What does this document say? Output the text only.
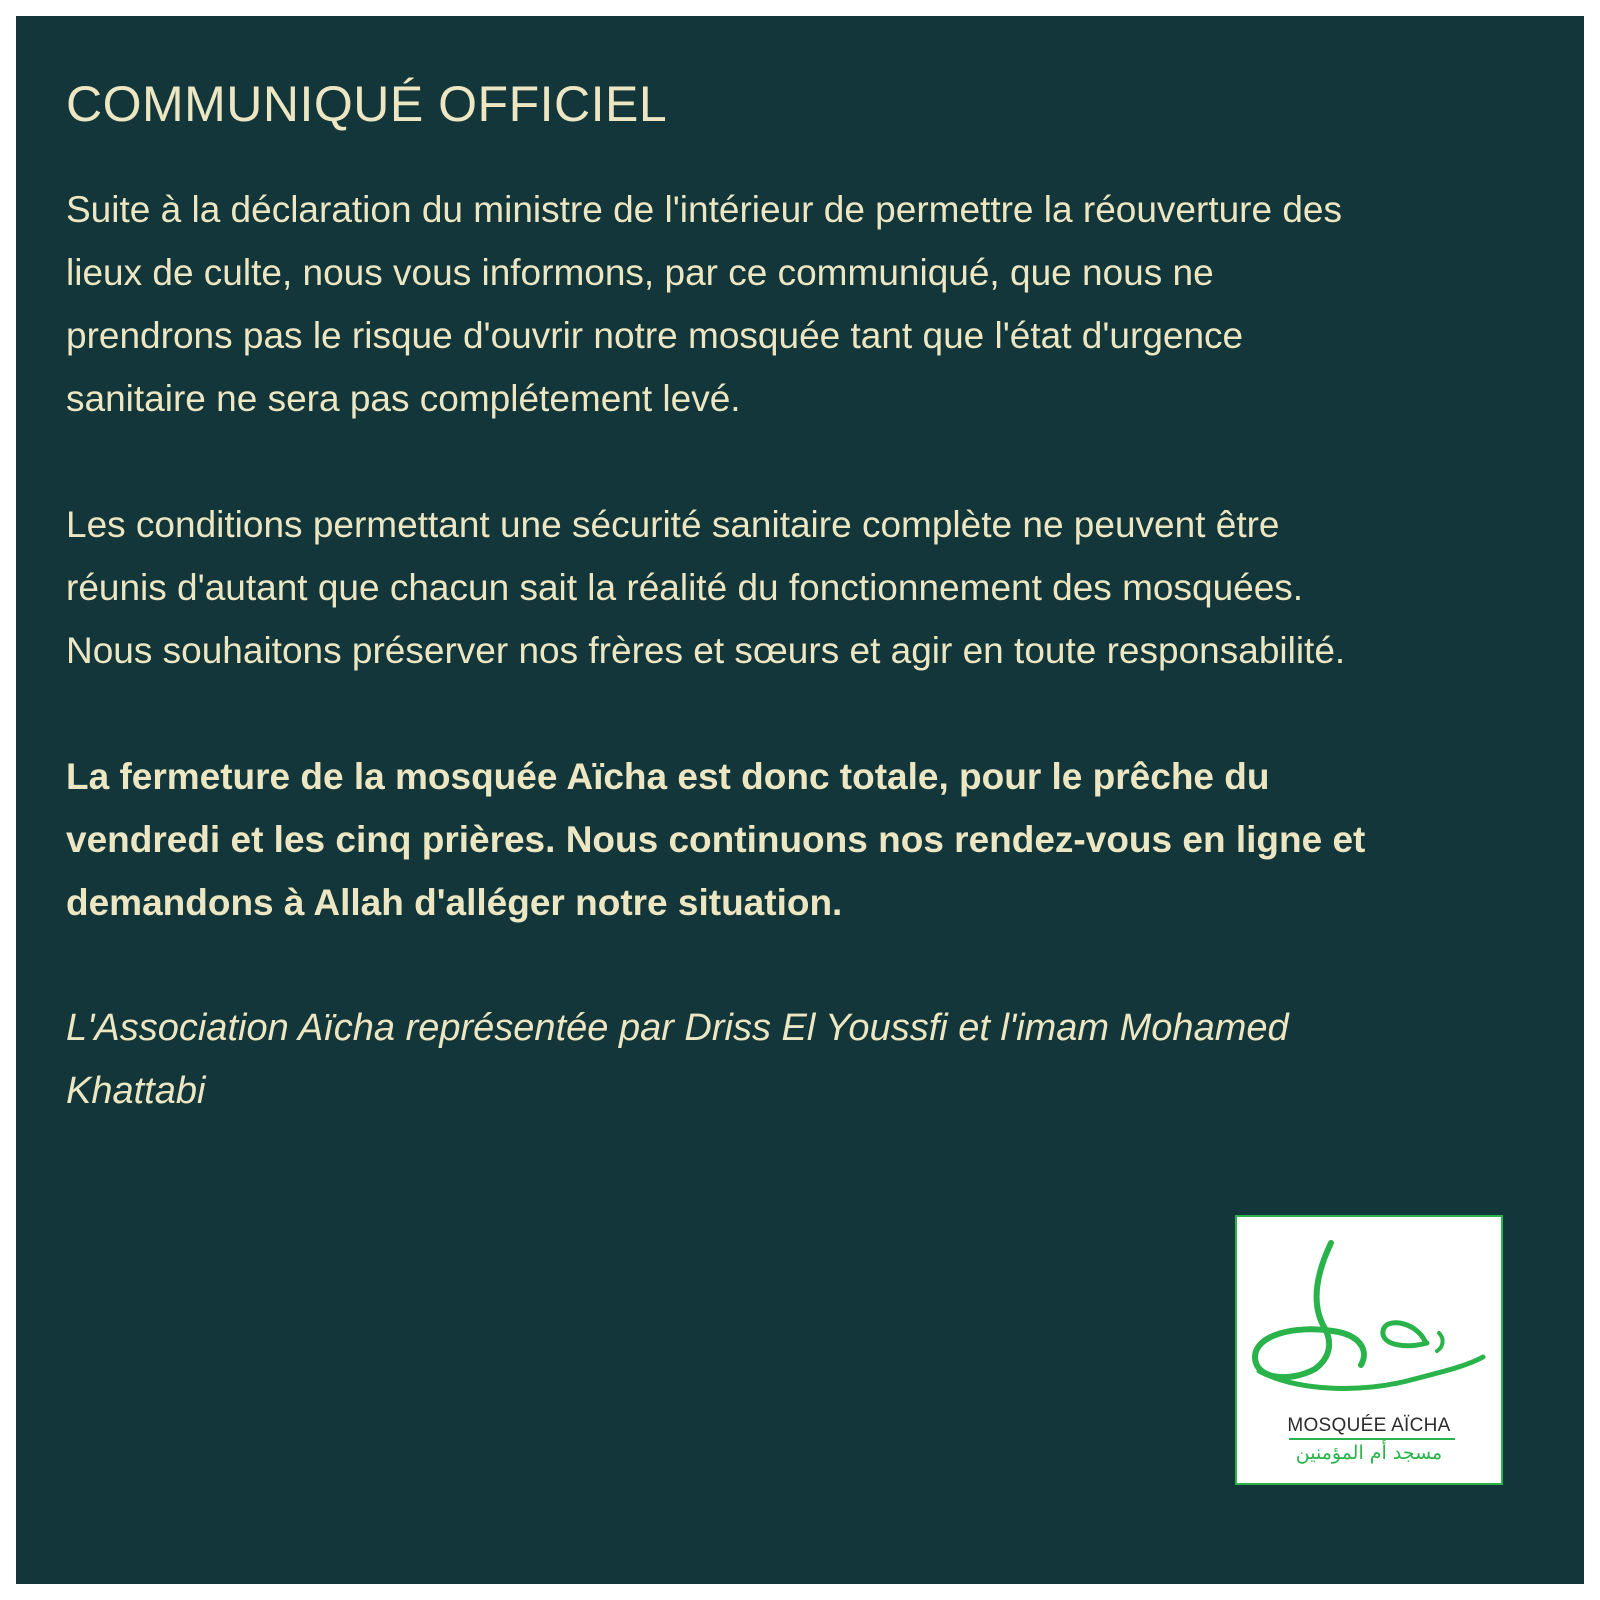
COMMUNIQUÉ OFFICIEL

Suite à la déclaration du ministre de l'intérieur de permettre la réouverture des
lieux de culte, nous vous informons, par ce communiqué, que nous ne
prendrons pas le risque d'ouvrir notre mosquée tant que l'état d'urgence
sanitaire ne sera pas complétement levé.

Les conditions permettant une sécurité sanitaire complète ne peuvent être
réunis d'autant que chacun sait la réalité du fonctionnement des mosquées.
Nous souhaitons préserver nos frères et sœurs et agir en toute responsabilité.

La fermeture de la mosquée Aïcha est donc totale, pour le prêche du
vendredi et les cinq prières. Nous continuons nos rendez-vous en ligne et
demandons à Allah d'alléger notre situation.

L'Association Aïcha représentée par Driss El Youssfi et l'imam Mohamed
Khattabi

MOSQUÉE AÏCHA
مسجد أم المؤمنين
